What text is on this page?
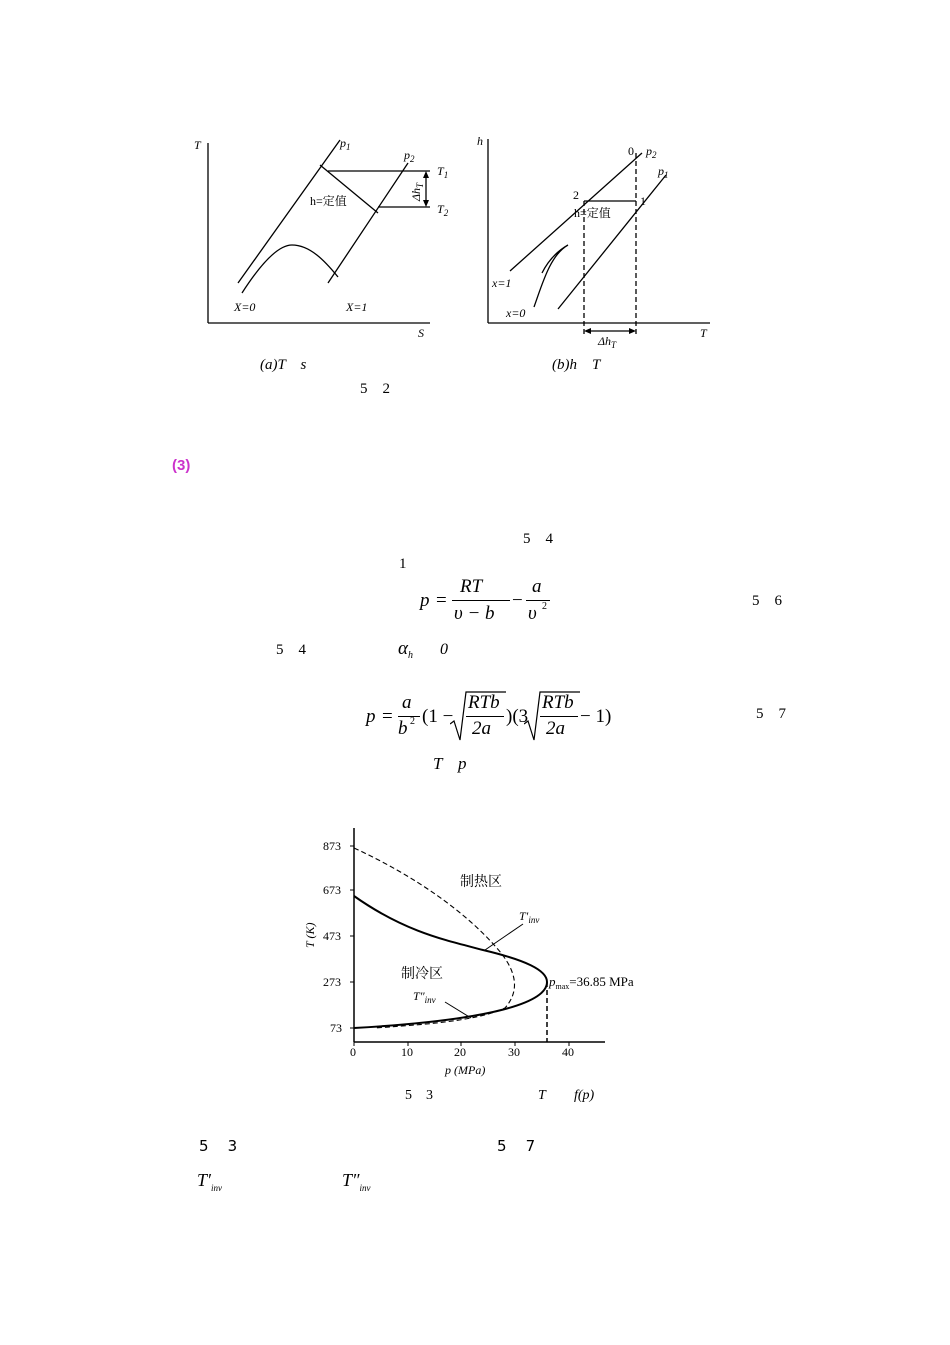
T
S
$p_1$
$p_2$
$T_1$
$T_2$
$\Delta h_T$
h=定值
X=0	X=1
h
T
$p_2$
$p_1$
0
1
2
h=定值
x=1
x=0
$\Delta h_T$
(a)T    s	(b)h    T
5    2
(3)
5    4
1
p =
RT
υ − b
−
a
υ 2	5    6
5    4	$\alpha_h$ 0
p =
a
b 2 (1 −
RTb
2a
)(3
RTb
2a
− 1)	5    7
T p
873
673
473
273
73
0	10	20	30	40
T (K)
p (MPa)
制热区
制冷区
$T'_{inv}$
$T''_{inv}$
$p_{max}=36.85$ MPa
5    3	T f(p)
5    3	5    7
$T'_{inv}$	$T''_{inv}$
